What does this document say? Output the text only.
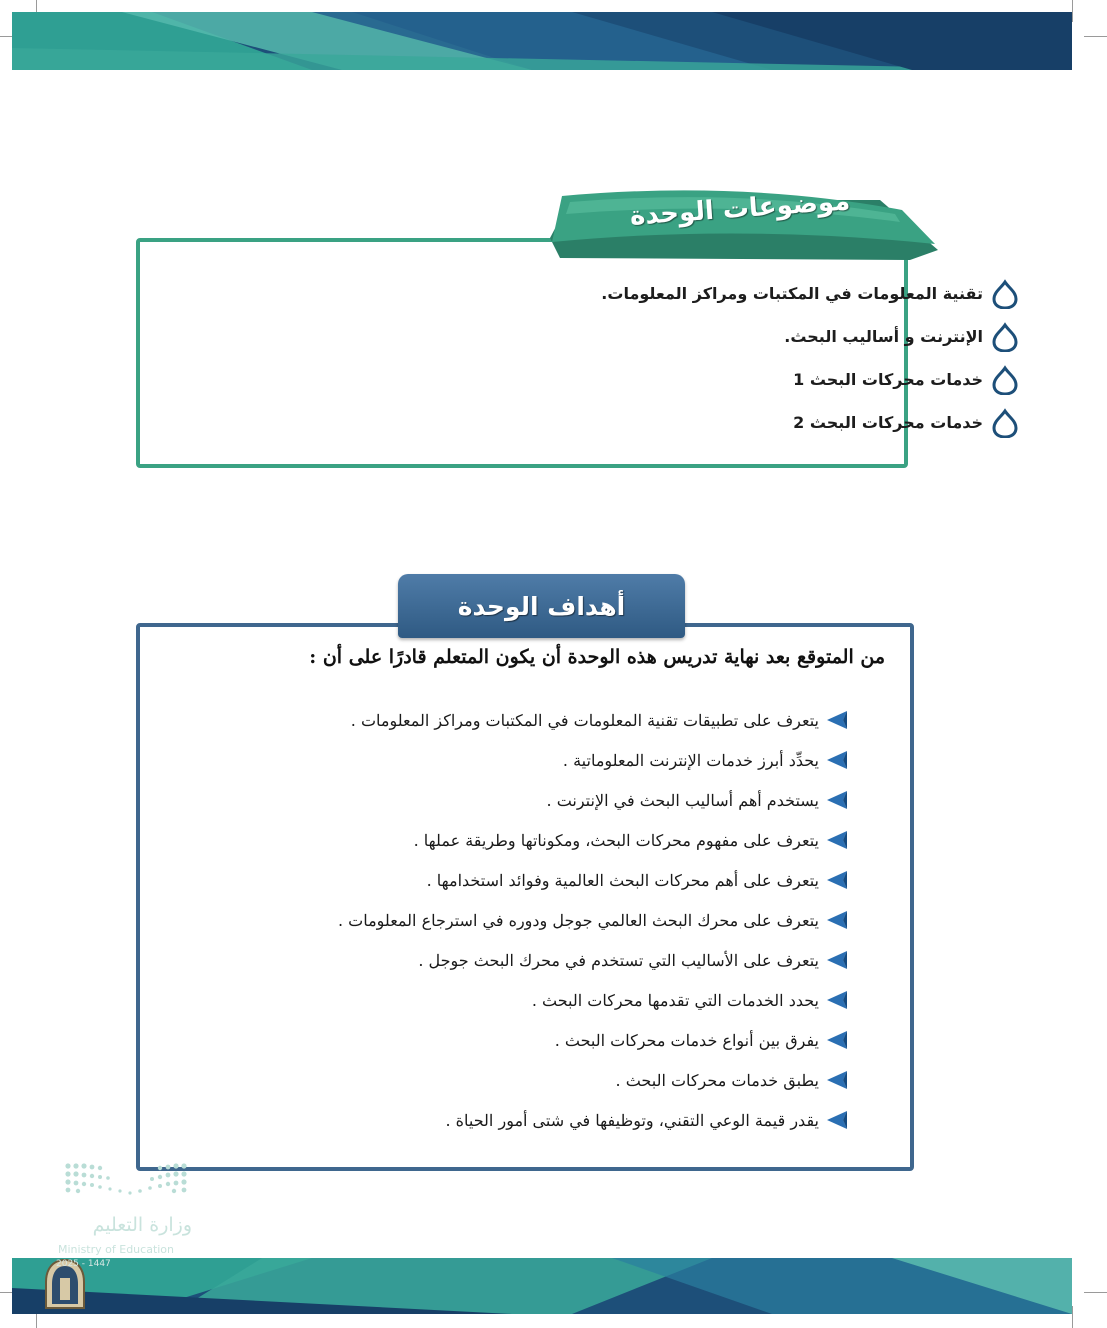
موضوعات الوحدة
تقنية المعلومات في المكتبات ومراكز المعلومات.
الإنترنت و أساليب البحث.
خدمات محركات البحث 1
خدمات محركات البحث 2
أهداف الوحدة
من المتوقع بعد نهاية تدريس هذه الوحدة أن يكون المتعلم قادرًا على أن :
يتعرف على تطبيقات تقنية المعلومات في المكتبات ومراكز المعلومات .
يحدِّد أبرز خدمات الإنترنت المعلوماتية .
يستخدم أهم أساليب البحث في الإنترنت .
يتعرف على مفهوم محركات البحث، ومكوناتها وطريقة عملها .
يتعرف على أهم محركات البحث العالمية وفوائد استخدامها .
يتعرف على محرك البحث العالمي جوجل ودوره في استرجاع المعلومات .
يتعرف على الأساليب التي تستخدم في محرك البحث جوجل .
يحدد الخدمات التي تقدمها محركات البحث .
يفرق بين أنواع خدمات محركات البحث .
يطبق خدمات محركات البحث .
يقدر قيمة الوعي التقني، وتوظيفها في شتى أمور الحياة .
وزارة التعليم
Ministry of Education
2025 - 1447
